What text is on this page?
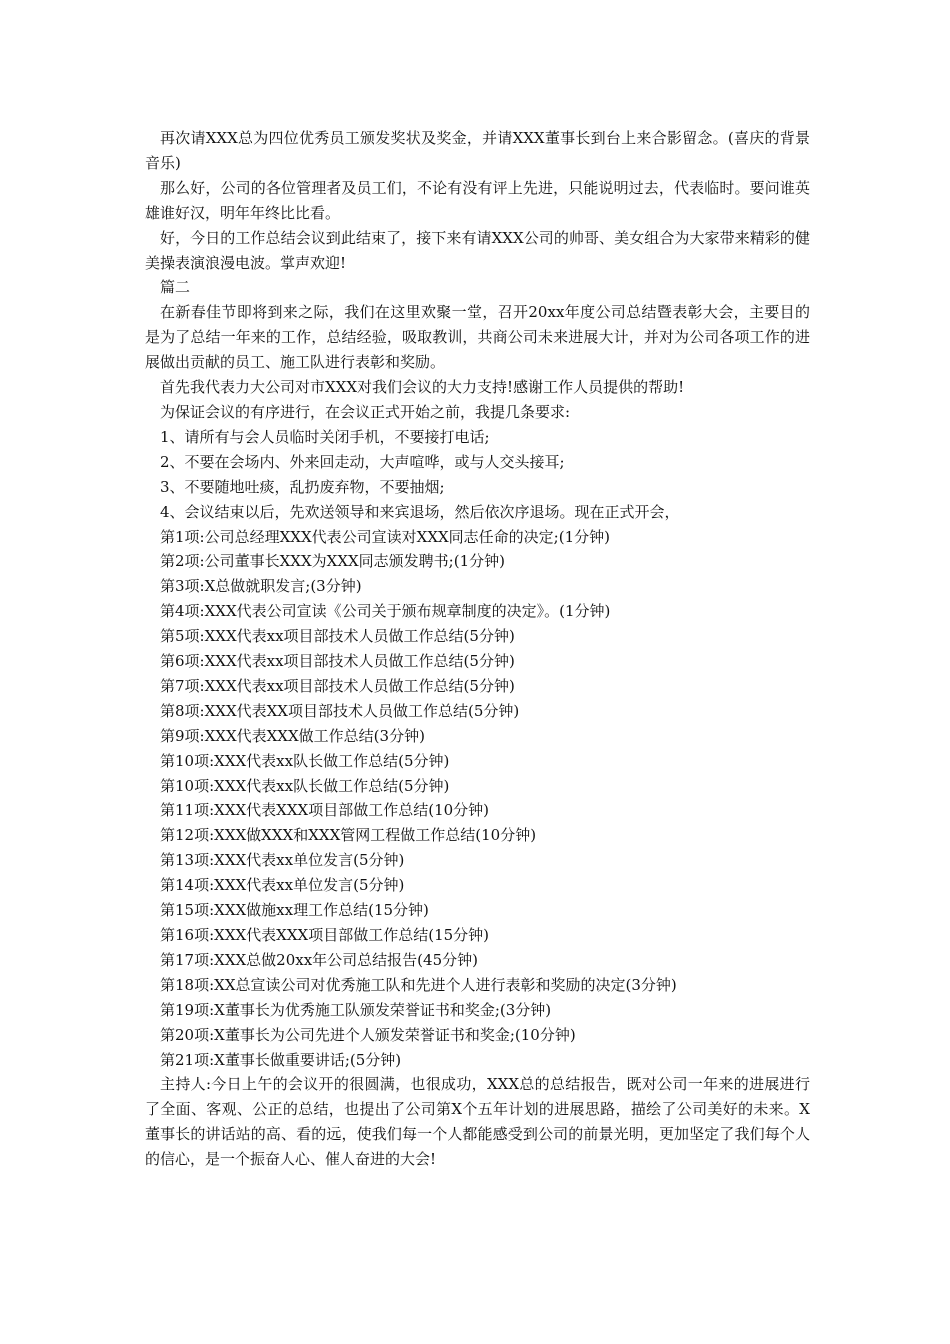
再次请XXX总为四位优秀员工颁发奖状及奖金，并请XXX董事长到台上来合影留念。(喜庆的背景音乐)

那么好，公司的各位管理者及员工们，不论有没有评上先进，只能说明过去，代表临时。要问谁英雄谁好汉，明年年终比比看。

好，今日的工作总结会议到此结束了，接下来有请XXX公司的帅哥、美女组合为大家带来精彩的健美操表演浪漫电波。掌声欢迎!

篇二

在新春佳节即将到来之际，我们在这里欢聚一堂，召开20xx年度公司总结暨表彰大会，主要目的是为了总结一年来的工作，总结经验，吸取教训，共商公司未来进展大计，并对为公司各项工作的进展做出贡献的员工、施工队进行表彰和奖励。

首先我代表力大公司对市XXX对我们会议的大力支持!感谢工作人员提供的帮助!

为保证会议的有序进行，在会议正式开始之前，我提几条要求:

1、请所有与会人员临时关闭手机，不要接打电话;

2、不要在会场内、外来回走动，大声喧哗，或与人交头接耳;

3、不要随地吐痰，乱扔废弃物，不要抽烟;

4、会议结束以后，先欢送领导和来宾退场，然后依次序退场。现在正式开会，

第1项:公司总经理XXX代表公司宣读对XXX同志任命的决定;(1分钟)

第2项:公司董事长XXX为XXX同志颁发聘书;(1分钟)

第3项:X总做就职发言;(3分钟)

第4项:XXX代表公司宣读《公司关于颁布规章制度的决定》。(1分钟)

第5项:XXX代表xx项目部技术人员做工作总结(5分钟)

第6项:XXX代表xx项目部技术人员做工作总结(5分钟)

第7项:XXX代表xx项目部技术人员做工作总结(5分钟)

第8项:XXX代表XX项目部技术人员做工作总结(5分钟)

第9项:XXX代表XXX做工作总结(3分钟)

第10项:XXX代表xx队长做工作总结(5分钟)

第10项:XXX代表xx队长做工作总结(5分钟)

第11项:XXX代表XXX项目部做工作总结(10分钟)

第12项:XXX做XXX和XXX管网工程做工作总结(10分钟)

第13项:XXX代表xx单位发言(5分钟)

第14项:XXX代表xx单位发言(5分钟)

第15项:XXX做施xx理工作总结(15分钟)

第16项:XXX代表XXX项目部做工作总结(15分钟)

第17项:XXX总做20xx年公司总结报告(45分钟)

第18项:XX总宣读公司对优秀施工队和先进个人进行表彰和奖励的决定(3分钟)

第19项:X董事长为优秀施工队颁发荣誉证书和奖金;(3分钟)

第20项:X董事长为公司先进个人颁发荣誉证书和奖金;(10分钟)

第21项:X董事长做重要讲话;(5分钟)

主持人:今日上午的会议开的很圆满，也很成功，XXX总的总结报告，既对公司一年来的进展进行了全面、客观、公正的总结，也提出了公司第X个五年计划的进展思路，描绘了公司美好的未来。X董事长的讲话站的高、看的远，使我们每一个人都能感受到公司的前景光明，更加坚定了我们每个人的信心，是一个振奋人心、催人奋进的大会!
